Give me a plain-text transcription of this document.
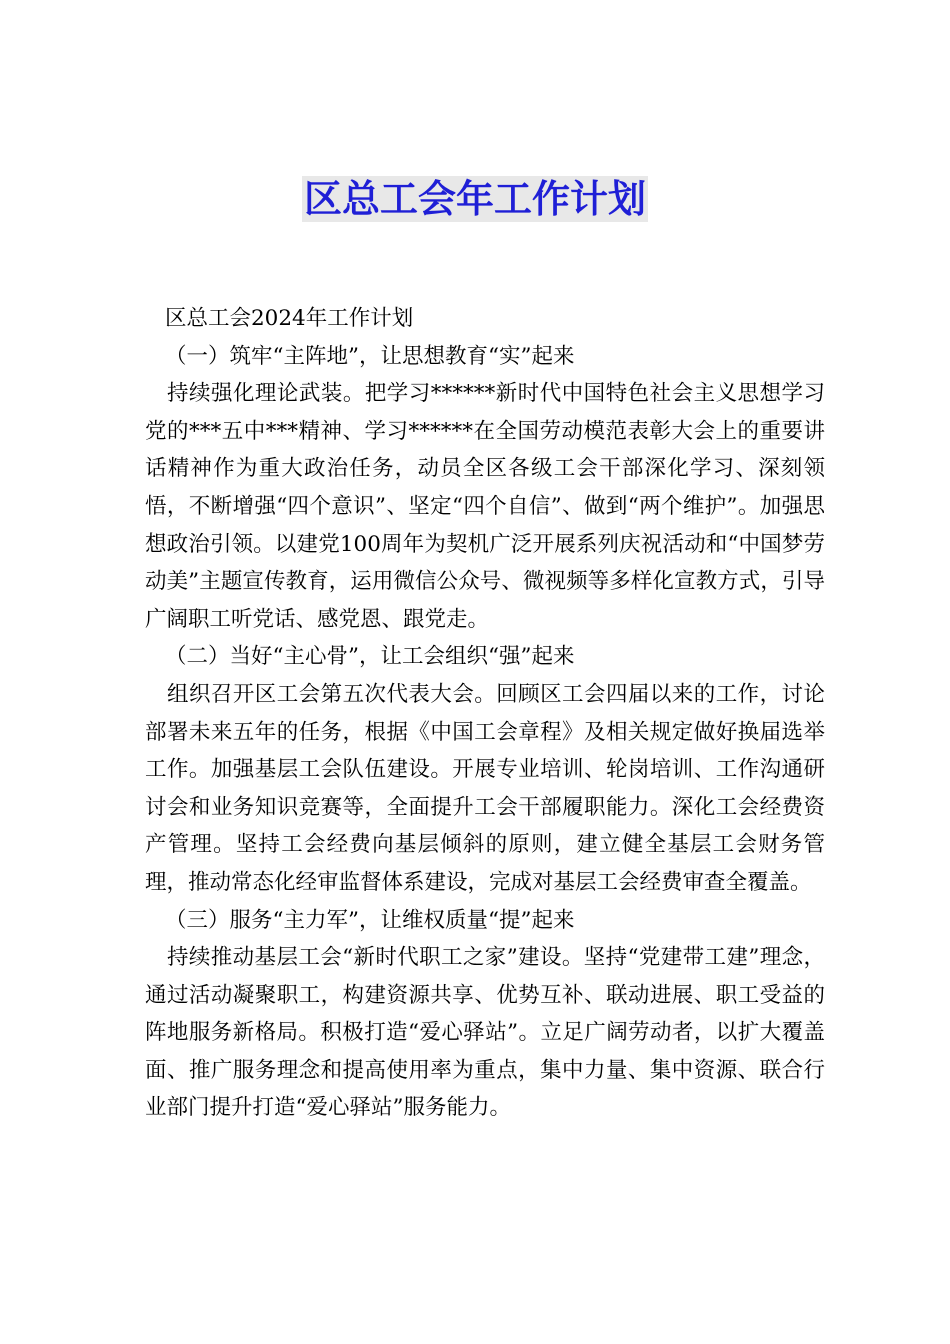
区总工会年工作计划

区总工会2024年工作计划

（一）筑牢“主阵地”，让思想教育“实”起来

持续强化理论武装。把学习******新时代中国特色社会主义思想学习党的***五中***精神、学习******在全国劳动模范表彰大会上的重要讲话精神作为重大政治任务，动员全区各级工会干部深化学习、深刻领悟，不断增强“四个意识”、坚定“四个自信”、做到“两个维护”。加强思想政治引领。以建党100周年为契机广泛开展系列庆祝活动和“中国梦劳动美”主题宣传教育，运用微信公众号、微视频等多样化宣教方式，引导广阔职工听党话、感党恩、跟党走。

（二）当好“主心骨”，让工会组织“强”起来

组织召开区工会第五次代表大会。回顾区工会四届以来的工作，讨论部署未来五年的任务，根据《中国工会章程》及相关规定做好换届选举工作。加强基层工会队伍建设。开展专业培训、轮岗培训、工作沟通研讨会和业务知识竞赛等，全面提升工会干部履职能力。深化工会经费资产管理。坚持工会经费向基层倾斜的原则，建立健全基层工会财务管理，推动常态化经审监督体系建设，完成对基层工会经费审查全覆盖。

（三）服务“主力军”，让维权质量“提”起来

持续推动基层工会“新时代职工之家”建设。坚持“党建带工建”理念，通过活动凝聚职工，构建资源共享、优势互补、联动进展、职工受益的阵地服务新格局。积极打造“爱心驿站”。立足广阔劳动者，以扩大覆盖面、推广服务理念和提高使用率为重点，集中力量、集中资源、联合行业部门提升打造“爱心驿站”服务能力。
